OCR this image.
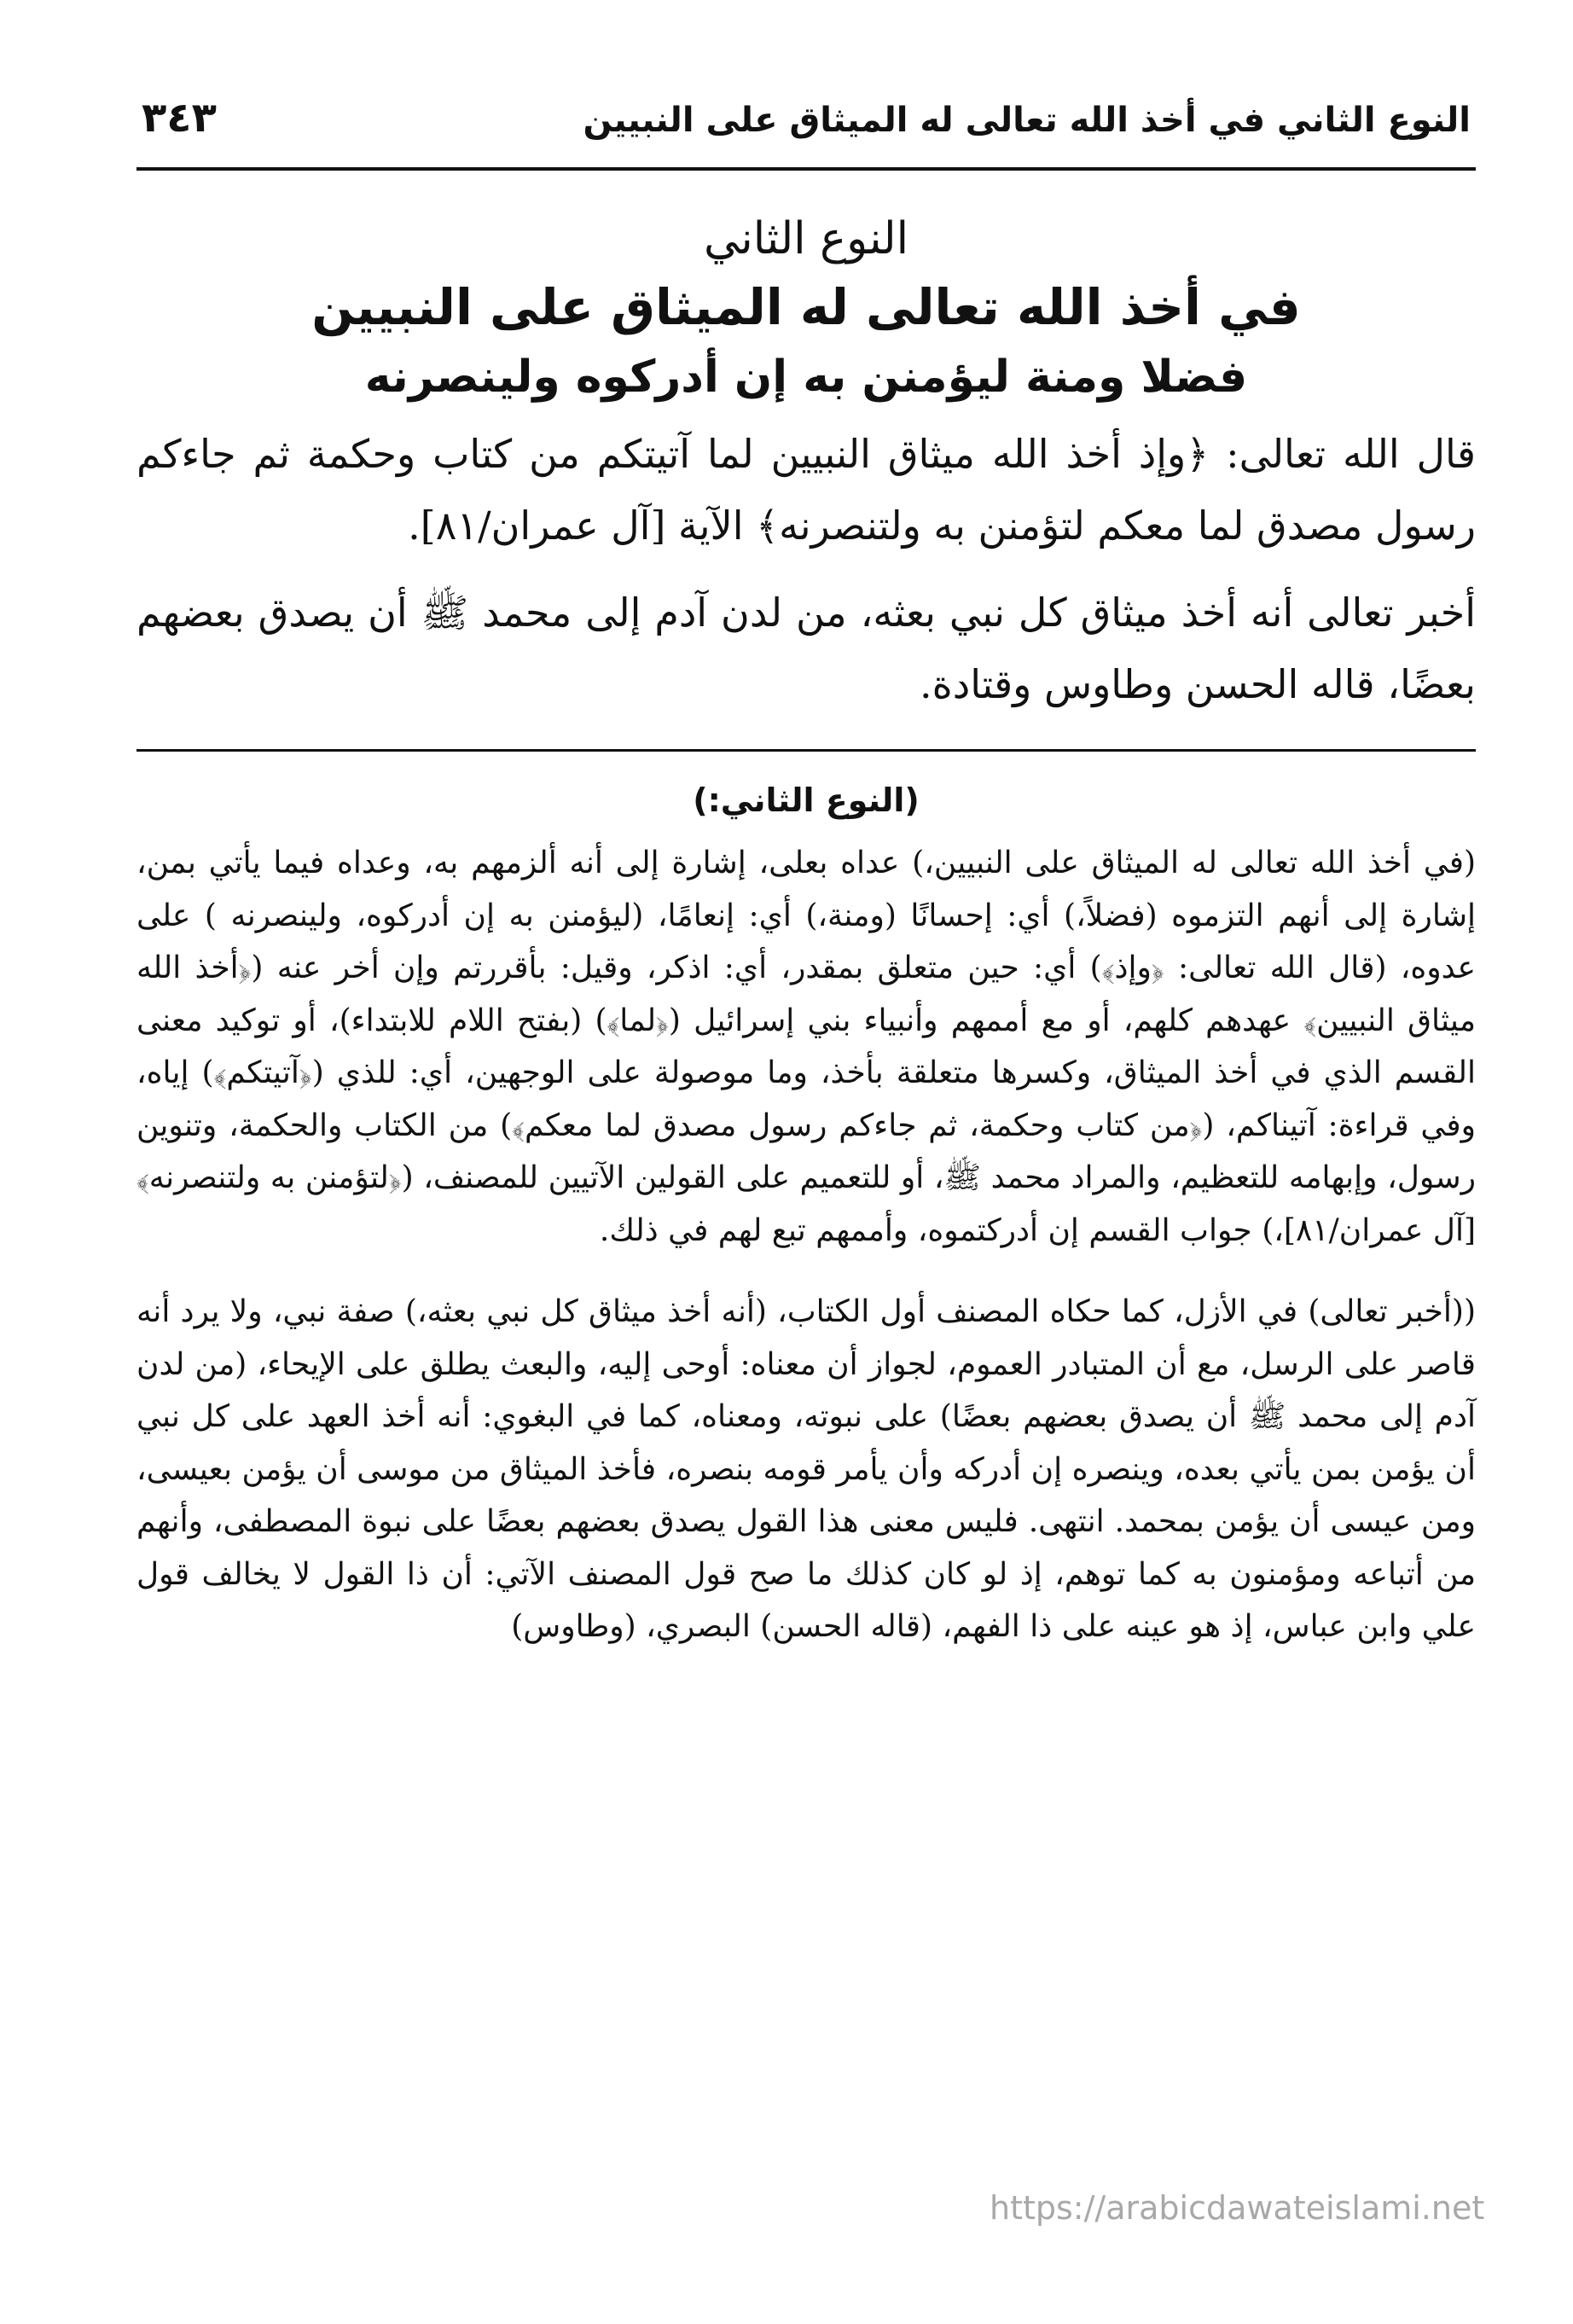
النوع الثاني في أخذ الله تعالى له الميثاق على النبيين
٣٤٣
النوع الثاني
في أخذ الله تعالى له الميثاق على النبيين
فضلا ومنة ليؤمنن به إن أدركوه ولينصرنه

قال الله تعالى: ﴿وإذ أخذ الله ميثاق النبيين لما آتيتكم من كتاب وحكمة ثم جاءكم رسول مصدق لما معكم لتؤمنن به ولتنصرنه﴾ الآية [آل عمران/٨١].

أخبر تعالى أنه أخذ ميثاق كل نبي بعثه، من لدن آدم إلى محمد ﷺ أن يصدق بعضهم بعضًا، قاله الحسن وطاوس وقتادة.

(النوع الثاني:)

(في أخذ الله تعالى له الميثاق على النبيين،) عداه بعلى، إشارة إلى أنه ألزمهم به، وعداه فيما يأتي بمن، إشارة إلى أنهم التزموه (فضلاً،) أي: إحسانًا (ومنة،) أي: إنعامًا، (ليؤمنن به إن أدركوه، ولينصرنه ) على عدوه، (قال الله تعالى: ﴿وإذ﴾) أي: حين متعلق بمقدر، أي: اذكر، وقيل: بأقررتم وإن أخر عنه (﴿أخذ الله ميثاق النبيين﴾ عهدهم كلهم، أو مع أممهم وأنبياء بني إسرائيل (﴿لما﴾) (بفتح اللام للابتداء)، أو توكيد معنى القسم الذي في أخذ الميثاق، وكسرها متعلقة بأخذ، وما موصولة على الوجهين، أي: للذي (﴿آتيتكم﴾) إياه، وفي قراءة: آتيناكم، (﴿من كتاب وحكمة، ثم جاءكم رسول مصدق لما معكم﴾) من الكتاب والحكمة، وتنوين رسول، وإبهامه للتعظيم، والمراد محمد ﷺ، أو للتعميم على القولين الآتيين للمصنف، (﴿لتؤمنن به ولتنصرنه﴾ [آل عمران/٨١]،) جواب القسم إن أدركتموه، وأممهم تبع لهم في ذلك.

((أخبر تعالى) في الأزل، كما حكاه المصنف أول الكتاب، (أنه أخذ ميثاق كل نبي بعثه،) صفة نبي، ولا يرد أنه قاصر على الرسل، مع أن المتبادر العموم، لجواز أن معناه: أوحى إليه، والبعث يطلق على الإيحاء، (من لدن آدم إلى محمد ﷺ أن يصدق بعضهم بعضًا) على نبوته، ومعناه، كما في البغوي: أنه أخذ العهد على كل نبي أن يؤمن بمن يأتي بعده، وينصره إن أدركه وأن يأمر قومه بنصره، فأخذ الميثاق من موسى أن يؤمن بعيسى، ومن عيسى أن يؤمن بمحمد. انتهى. فليس معنى هذا القول يصدق بعضهم بعضًا على نبوة المصطفى، وأنهم من أتباعه ومؤمنون به كما توهم، إذ لو كان كذلك ما صح قول المصنف الآتي: أن ذا القول لا يخالف قول علي وابن عباس، إذ هو عينه على ذا الفهم، (قاله الحسن) البصري، (وطاوس)

https://arabicdawateislami.net
